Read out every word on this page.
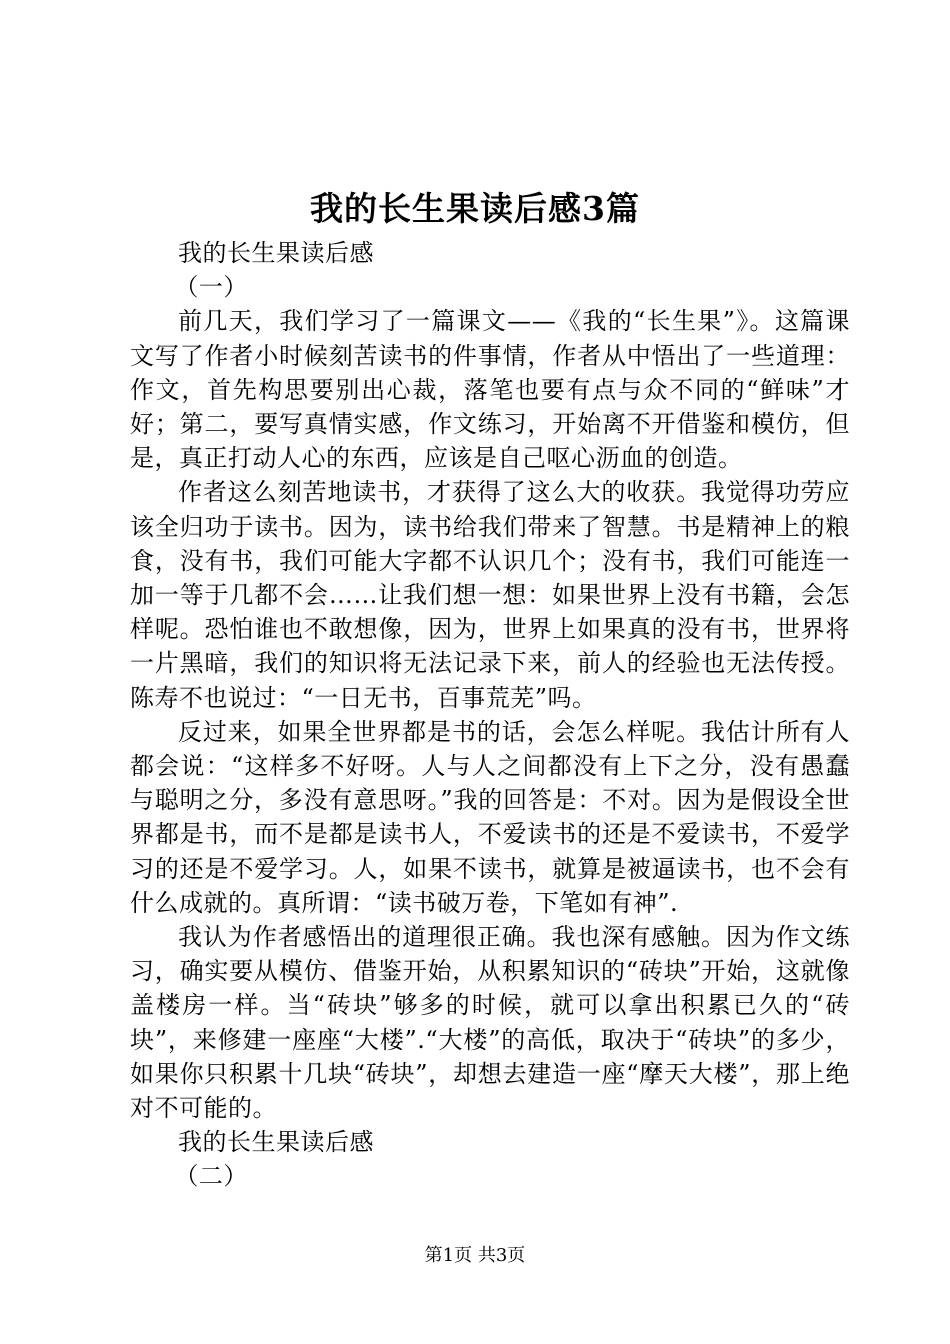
我的长生果读后感3篇

我的长生果读后感

（一）

前几天，我们学习了一篇课文——《我的“长生果”》。这篇课文写了作者小时候刻苦读书的件事情，作者从中悟出了一些道理：作文，首先构思要别出心裁，落笔也要有点与众不同的“鲜味”才好；第二，要写真情实感，作文练习，开始离不开借鉴和模仿，但是，真正打动人心的东西，应该是自己呕心沥血的创造。

作者这么刻苦地读书，才获得了这么大的收获。我觉得功劳应该全归功于读书。因为，读书给我们带来了智慧。书是精神上的粮食，没有书，我们可能大字都不认识几个；没有书，我们可能连一加一等于几都不会……让我们想一想：如果世界上没有书籍，会怎样呢。恐怕谁也不敢想像，因为，世界上如果真的没有书，世界将一片黑暗，我们的知识将无法记录下来，前人的经验也无法传授。陈寿不也说过：“一日无书，百事荒芜”吗。

反过来，如果全世界都是书的话，会怎么样呢。我估计所有人都会说：“这样多不好呀。人与人之间都没有上下之分，没有愚蠢与聪明之分，多没有意思呀。”我的回答是：不对。因为是假设全世界都是书，而不是都是读书人，不爱读书的还是不爱读书，不爱学习的还是不爱学习。人，如果不读书，就算是被逼读书，也不会有什么成就的。真所谓：“读书破万卷，下笔如有神”.

我认为作者感悟出的道理很正确。我也深有感触。因为作文练习，确实要从模仿、借鉴开始，从积累知识的“砖块”开始，这就像盖楼房一样。当“砖块”够多的时候，就可以拿出积累已久的“砖块”，来修建一座座“大楼”.“大楼”的高低，取决于“砖块”的多少，如果你只积累十几块“砖块”，却想去建造一座“摩天大楼”，那上绝对不可能的。

我的长生果读后感

（二）

第1页 共3页
